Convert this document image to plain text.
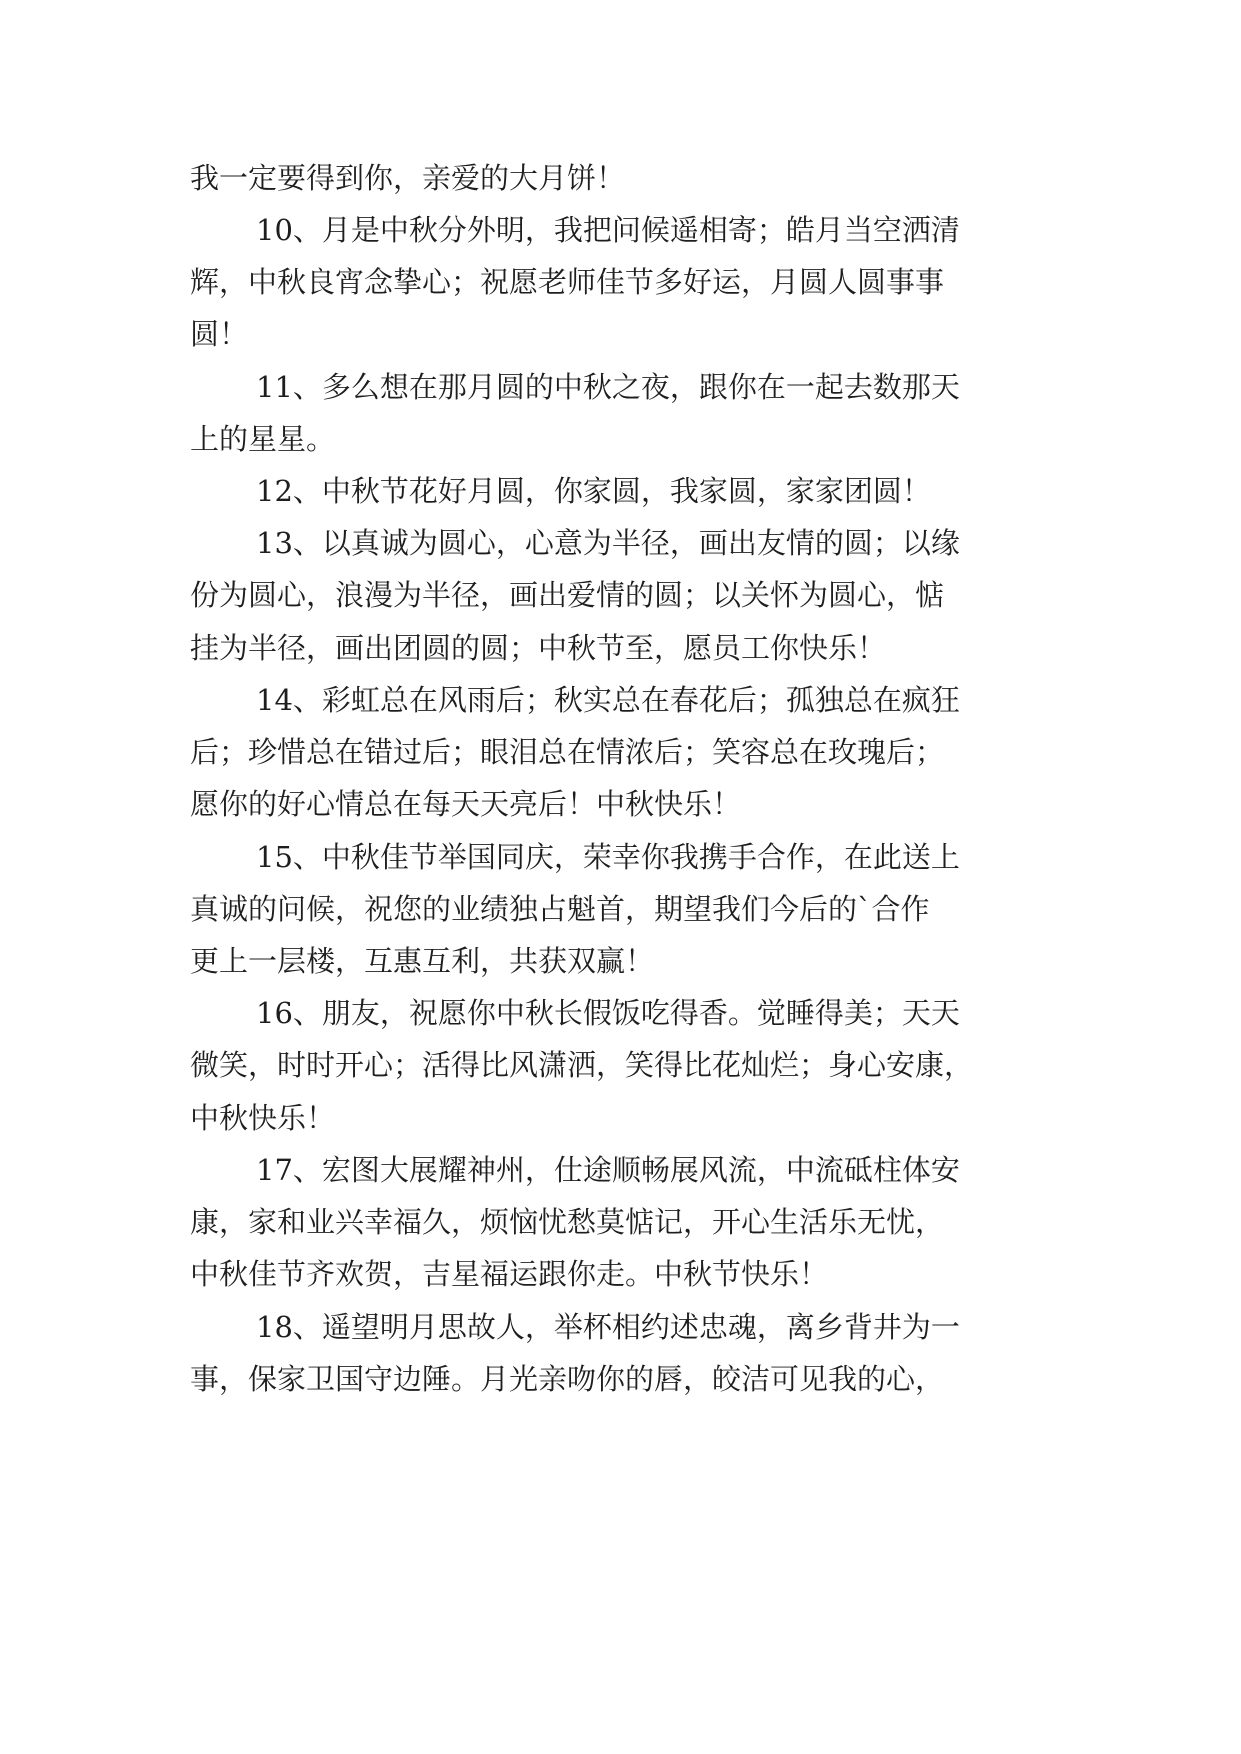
我一定要得到你，亲爱的大月饼！
10、月是中秋分外明，我把问候遥相寄；皓月当空洒清
辉，中秋良宵念挚心；祝愿老师佳节多好运，月圆人圆事事
圆！
11、多么想在那月圆的中秋之夜，跟你在一起去数那天
上的星星。
12、中秋节花好月圆，你家圆，我家圆，家家团圆！
13、以真诚为圆心，心意为半径，画出友情的圆；以缘
份为圆心，浪漫为半径，画出爱情的圆；以关怀为圆心，惦
挂为半径，画出团圆的圆；中秋节至，愿员工你快乐！
14、彩虹总在风雨后；秋实总在春花后；孤独总在疯狂
后；珍惜总在错过后；眼泪总在情浓后；笑容总在玫瑰后；
愿你的好心情总在每天天亮后！中秋快乐！
15、中秋佳节举国同庆，荣幸你我携手合作，在此送上
真诚的问候，祝您的业绩独占魁首，期望我们今后的`合作
更上一层楼，互惠互利，共获双赢！
16、朋友，祝愿你中秋长假饭吃得香。觉睡得美；天天
微笑，时时开心；活得比风潇洒，笑得比花灿烂；身心安康，
中秋快乐！
17、宏图大展耀神州，仕途顺畅展风流，中流砥柱体安
康，家和业兴幸福久，烦恼忧愁莫惦记，开心生活乐无忧，
中秋佳节齐欢贺，吉星福运跟你走。中秋节快乐！
18、遥望明月思故人，举杯相约述忠魂，离乡背井为一
事，保家卫国守边陲。月光亲吻你的唇，皎洁可见我的心，
